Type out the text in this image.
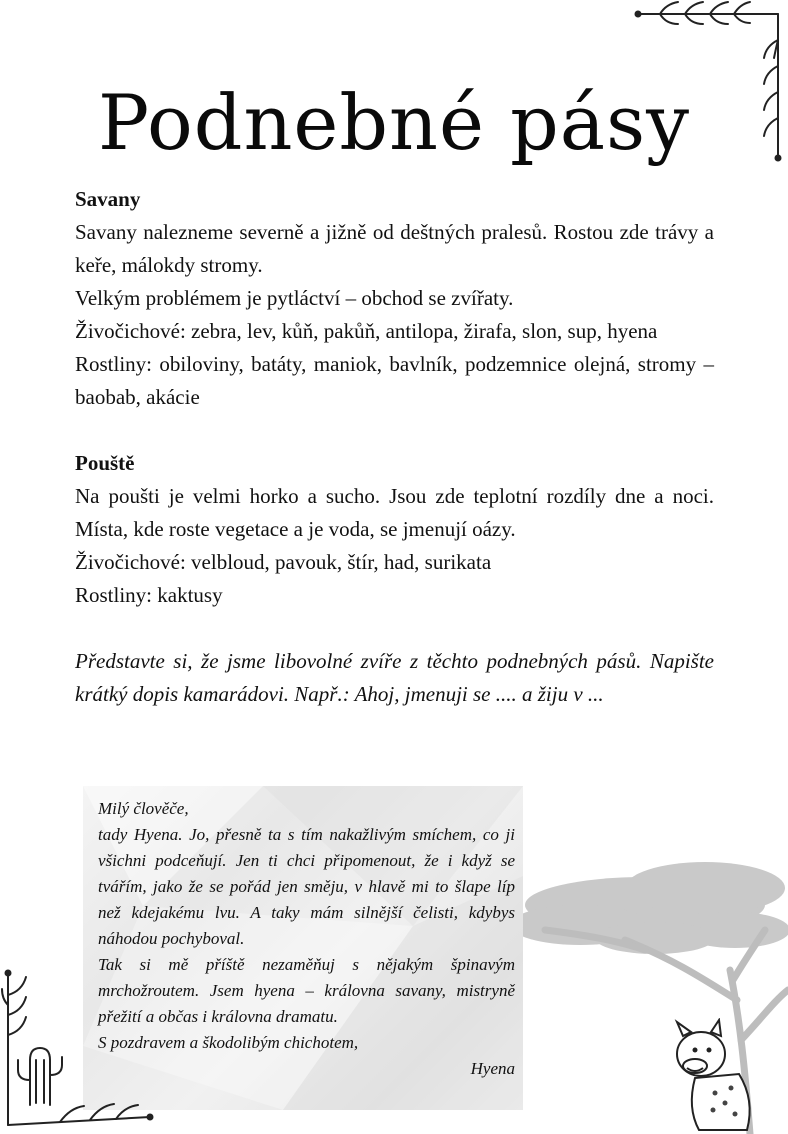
Podnebné pásy

Savany

Savany nalezneme severně a jižně od deštných pralesů. Rostou zde trávy a keře, málokdy stromy.

Velkým problémem je pytláctví – obchod se zvířaty.

Živočichové: zebra, lev, kůň, pakůň, antilopa, žirafa, slon, sup, hyena

Rostliny: obiloviny, batáty, maniok, bavlník, podzemnice olejná, stromy – baobab, akácie

Pouště

Na poušti je velmi horko a sucho. Jsou zde teplotní rozdíly dne a noci. Místa, kde roste vegetace a je voda, se jmenují oázy.

Živočichové: velbloud, pavouk, štír, had, surikata

Rostliny: kaktusy

Představte si, že jsme libovolné zvíře z těchto podnebných pásů. Napište krátký dopis kamarádovi. Např.: Ahoj, jmenuji se .... a žiju v ...

Milý člověče,

tady Hyena. Jo, přesně ta s tím nakažlivým smíchem, co ji všichni podceňují. Jen ti chci připomenout, že i když se tvářím, jako že se pořád jen směju, v hlavě mi to šlape líp než kdejakému lvu. A taky mám silnější čelisti, kdybys náhodou pochyboval.

Tak si mě příště nezaměňuj s nějakým špinavým mrchožroutem. Jsem hyena – královna savany, mistryně přežití a občas i královna dramatu.

S pozdravem a škodolibým chichotem,

Hyena
